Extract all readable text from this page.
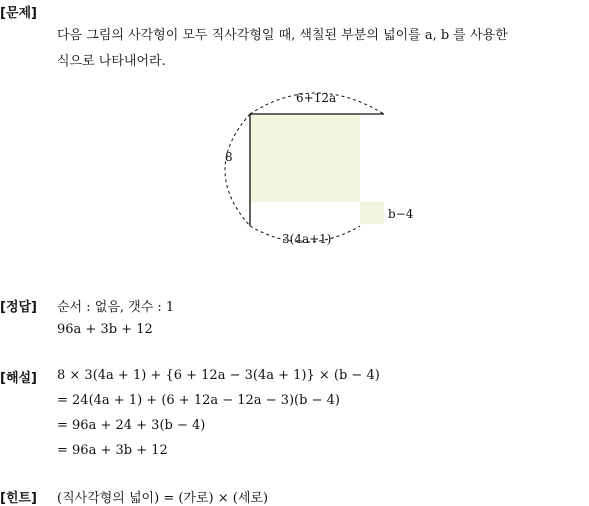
[문제]
다음 그림의 사각형이 모두 직사각형일 때, 색칠된 부분의 넓이를 a, b 를 사용한
식으로 나타내어라.
6+12a
8
3(4a+1)
b−4
[정답] 순서 : 없음, 갯수 : 1
96a + 3b + 12
[해설] 8 × 3(4a + 1) + {6 + 12a − 3(4a + 1)} × (b − 4)
= 24(4a + 1) + (6 + 12a − 12a − 3)(b − 4)
= 96a + 24 + 3(b − 4)
= 96a + 3b + 12
[힌트] (직사각형의 넓이) = (가로) × (세로)
